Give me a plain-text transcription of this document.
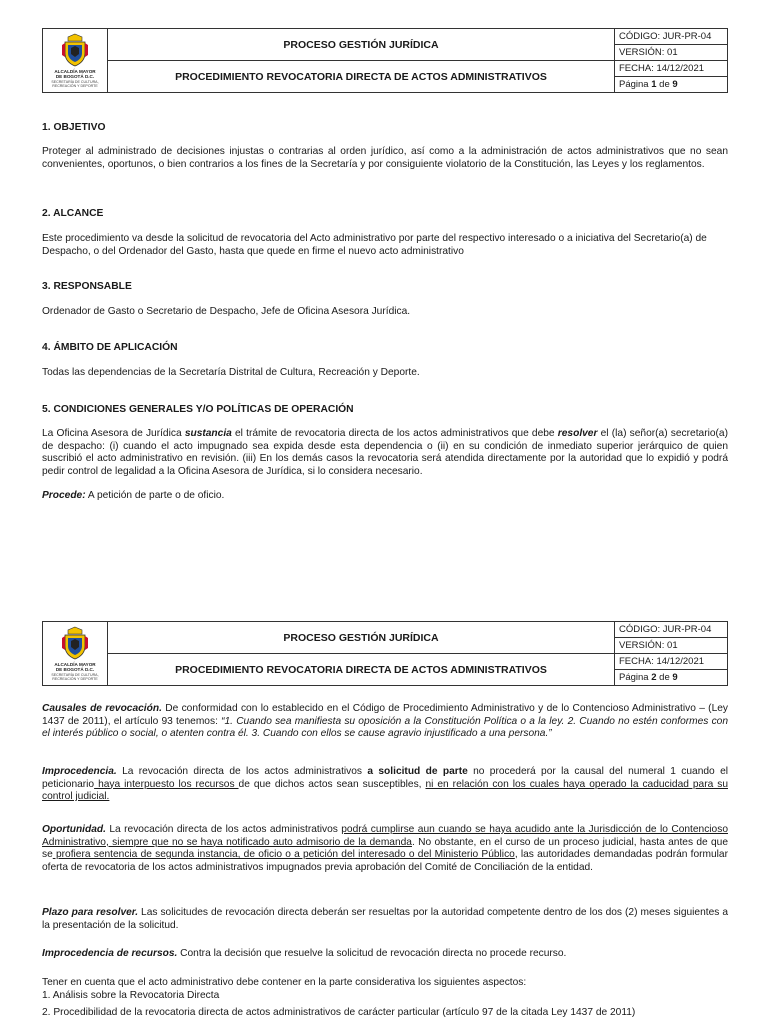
ALCALDÍA MAYOR
DE BOGOTÁ D.C.
SECRETARÍA DE CULTURA,
RECREACIÓN Y DEPORTE	PROCESO GESTIÓN JURÍDICA	CÓDIGO: JUR-PR-04
		VERSIÓN: 01
	PROCEDIMIENTO REVOCATORIA DIRECTA DE ACTOS ADMINISTRATIVOS	FECHA: 14/12/2021
		Página 1 de 9
1. OBJETIVO
Proteger al administrado de decisiones injustas o contrarias al orden jurídico, así como a la administración de actos administrativos que no sean convenientes, oportunos, o bien contrarios a los fines de la Secretaría y por consiguiente violatorio de la Constitución, las Leyes y los reglamentos.
2. ALCANCE
Este procedimiento va desde la solicitud de revocatoria del Acto administrativo por parte del respectivo interesado o a iniciativa del Secretario(a) de Despacho, o del Ordenador del Gasto, hasta que quede en firme el nuevo acto administrativo
3. RESPONSABLE
Ordenador de Gasto o Secretario de Despacho, Jefe de Oficina Asesora Jurídica.
4. ÁMBITO DE APLICACIÓN
Todas las dependencias de la Secretaría Distrital de Cultura, Recreación y Deporte.
5. CONDICIONES GENERALES Y/O POLÍTICAS DE OPERACIÓN
La Oficina Asesora de Jurídica sustancia el trámite de revocatoria directa de los actos administrativos que debe resolver el (la) señor(a) secretario(a) de despacho: (i) cuando el acto impugnado sea expida desde esta dependencia o (ii) en su condición de inmediato superior jerárquico de quien suscribió el acto administrativo en revisión. (iii) En los demás casos la revocatoria será atendida directamente por la autoridad que lo expidió y podrá pedir control de legalidad a la Oficina Asesora de Jurídica, si lo considera necesario.
Procede: A petición de parte o de oficio.
ALCALDÍA MAYOR
DE BOGOTÁ D.C.
SECRETARÍA DE CULTURA,
RECREACIÓN Y DEPORTE	PROCESO GESTIÓN JURÍDICA	CÓDIGO: JUR-PR-04
		VERSIÓN: 01
	PROCEDIMIENTO REVOCATORIA DIRECTA DE ACTOS ADMINISTRATIVOS	FECHA: 14/12/2021
		Página 2 de 9
Causales de revocación. De conformidad con lo establecido en el Código de Procedimiento Administrativo y de lo Contencioso Administrativo – (Ley 1437 de 2011), el artículo 93 tenemos: “1. Cuando sea manifiesta su oposición a la Constitución Política o a la ley. 2. Cuando no estén conformes con el interés público o social, o atenten contra él. 3. Cuando con ellos se cause agravio injustificado a una persona.”
Improcedencia. La revocación directa de los actos administrativos a solicitud de parte no procederá por la causal del numeral 1 cuando el peticionario haya interpuesto los recursos de que dichos actos sean susceptibles, ni en relación con los cuales haya operado la caducidad para su control judicial.
Oportunidad. La revocación directa de los actos administrativos podrá cumplirse aun cuando se haya acudido ante la Jurisdicción de lo Contencioso Administrativo, siempre que no se haya notificado auto admisorio de la demanda. No obstante, en el curso de un proceso judicial, hasta antes de que se profiera sentencia de segunda instancia, de oficio o a petición del interesado o del Ministerio Público, las autoridades demandadas podrán formular oferta de revocatoria de los actos administrativos impugnados previa aprobación del Comité de Conciliación de la entidad.
Plazo para resolver. Las solicitudes de revocación directa deberán ser resueltas por la autoridad competente dentro de los dos (2) meses siguientes a la presentación de la solicitud.
Improcedencia de recursos. Contra la decisión que resuelve la solicitud de revocación directa no procede recurso.
Tener en cuenta que el acto administrativo debe contener en la parte considerativa los siguientes aspectos:
1. Análisis sobre la Revocatoria Directa
2. Procedibilidad de la revocatoria directa de actos administrativos de carácter particular (artículo 97 de la citada Ley 1437 de 2011)
